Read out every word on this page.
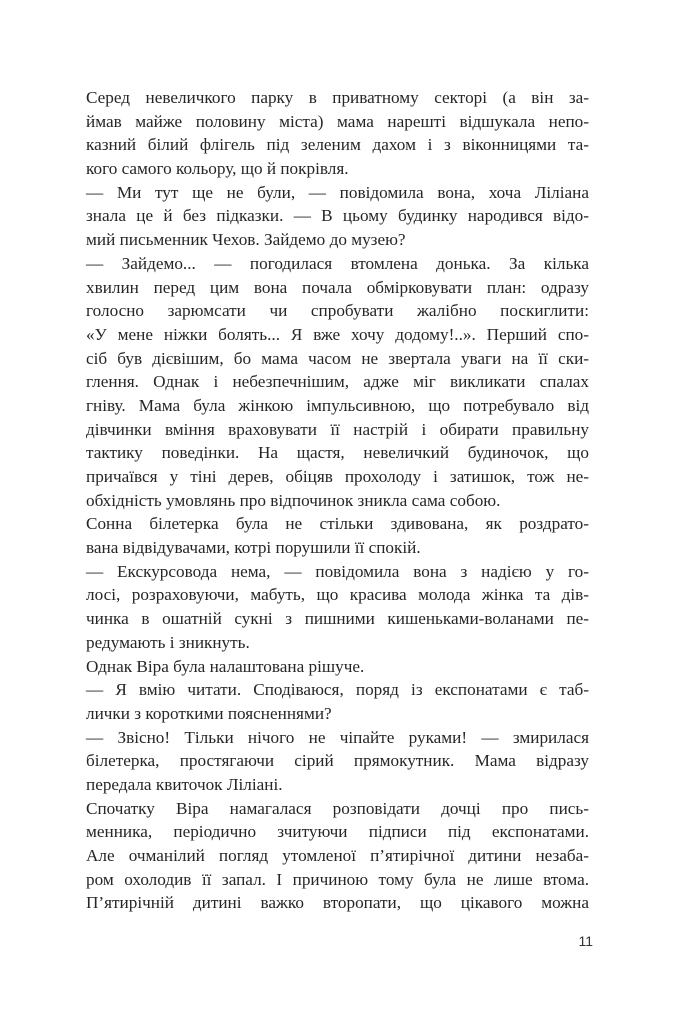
Серед невеличкого парку в приватному секторі (а він за-
ймав майже половину міста) мама нарешті відшукала непо-
казний білий флігель під зеленим дахом і з віконницями та-
кого самого кольору, що й покрівля.
— Ми тут ще не були, — повідомила вона, хоча Ліліана
знала це й без підказки. — В цьому будинку народився відо-
мий письменник Чехов. Зайдемо до музею?
— Зайдемо... — погодилася втомлена донька. За кілька
хвилин перед цим вона почала обмірковувати план: одразу
голосно зарюмсати чи спробувати жалібно поскиглити:
«У мене ніжки болять... Я вже хочу додому!..». Перший спо-
сіб був дієвішим, бо мама часом не звертала уваги на її ски-
глення. Однак і небезпечнішим, адже міг викликати спалах
гніву. Мама була жінкою імпульсивною, що потребувало від
дівчинки вміння враховувати її настрій і обирати правильну
тактику поведінки. На щастя, невеличкий будиночок, що
причаївся у тіні дерев, обіцяв прохолоду і затишок, тож не-
обхідність умовлянь про відпочинок зникла сама собою.
Сонна білетерка була не стільки здивована, як роздрато-
вана відвідувачами, котрі порушили її спокій.
— Екскурсовода нема, — повідомила вона з надією у го-
лосі, розраховуючи, мабуть, що красива молода жінка та дів-
чинка в ошатній сукні з пишними кишеньками-воланами пе-
редумають і зникнуть.
Однак Віра була налаштована рішуче.
— Я вмію читати. Сподіваюся, поряд із експонатами є таб-
лички з короткими поясненнями?
— Звісно! Тільки нічого не чіпайте руками! — змирилася
білетерка, простягаючи сірий прямокутник. Мама відразу
передала квиточок Ліліані.
Спочатку Віра намагалася розповідати дочці про пись-
менника, періодично зчитуючи підписи під експонатами.
Але очманілий погляд утомленої п’ятирічної дитини незаба-
ром охолодив її запал. І причиною тому була не лише втома.
П’ятирічній дитині важко второпати, що цікавого можна
11
